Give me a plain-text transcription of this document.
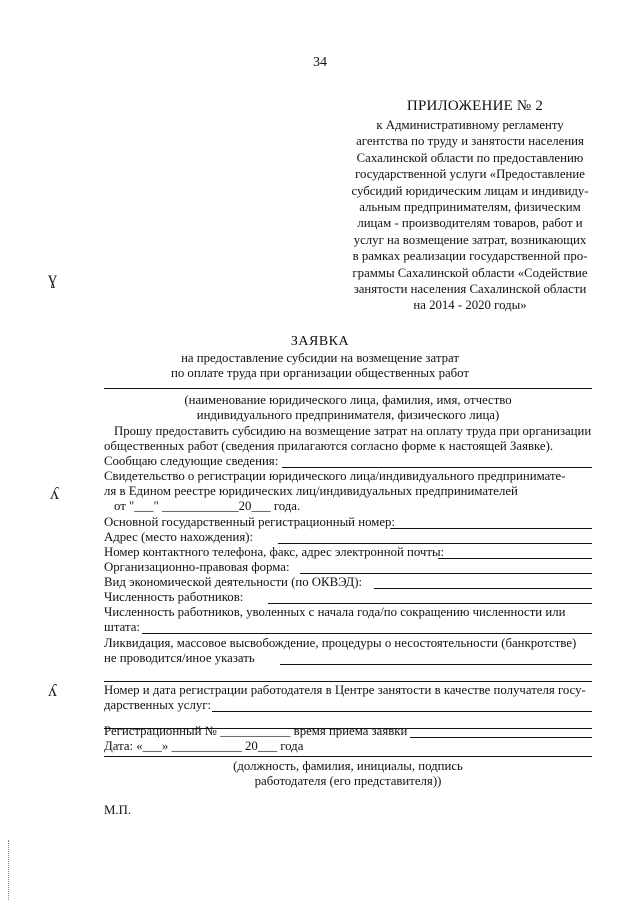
34
ПРИЛОЖЕНИЕ № 2
к Административному регламенту
агентства по труду и занятости населения
Сахалинской области по предоставлению
государственной услуги «Предоставление
субсидий юридическим лицам и индивиду-
альным предпринимателям, физическим
лицам - производителям товаров, работ и
услуг на возмещение затрат, возникающих
в рамках реализации государственной про-
граммы Сахалинской области «Содействие
занятости населения Сахалинской области
на 2014 - 2020 годы»
ɣ
ʎ
ʎ
ЗАЯВКА
на предоставление субсидии на возмещение затрат
по оплате труда при организации общественных работ
(наименование юридического лица, фамилия, имя, отчество
индивидуального предпринимателя, физического лица)
Прошу предоставить субсидию на возмещение затрат на оплату труда при организации
общественных работ (сведения прилагаются согласно форме к настоящей Заявке).
Сообщаю следующие сведения:
Свидетельство о регистрации юридического лица/индивидуального предпринимате-
ля в Едином реестре юридических лиц/индивидуальных предпринимателей
от "___" ____________20___ года.
Основной государственный регистрационный номер:
Адрес (место нахождения):
Номер контактного телефона, факс, адрес электронной почты:
Организационно-правовая форма:
Вид экономической деятельности (по ОКВЭД):
Численность работников:
Численность работников, уволенных с начала года/по сокращению численности или
штата:
Ликвидация, массовое высвобождение, процедуры о несостоятельности (банкротстве)
не проводится/иное указать
Номер и дата регистрации работодателя в Центре занятости в качестве получателя госу-
дарственных услуг:
Регистрационный № ___________ время приема заявки
Дата: «___» ___________ 20___ года
(должность, фамилия, инициалы, подпись
работодателя (его представителя))
М.П.
